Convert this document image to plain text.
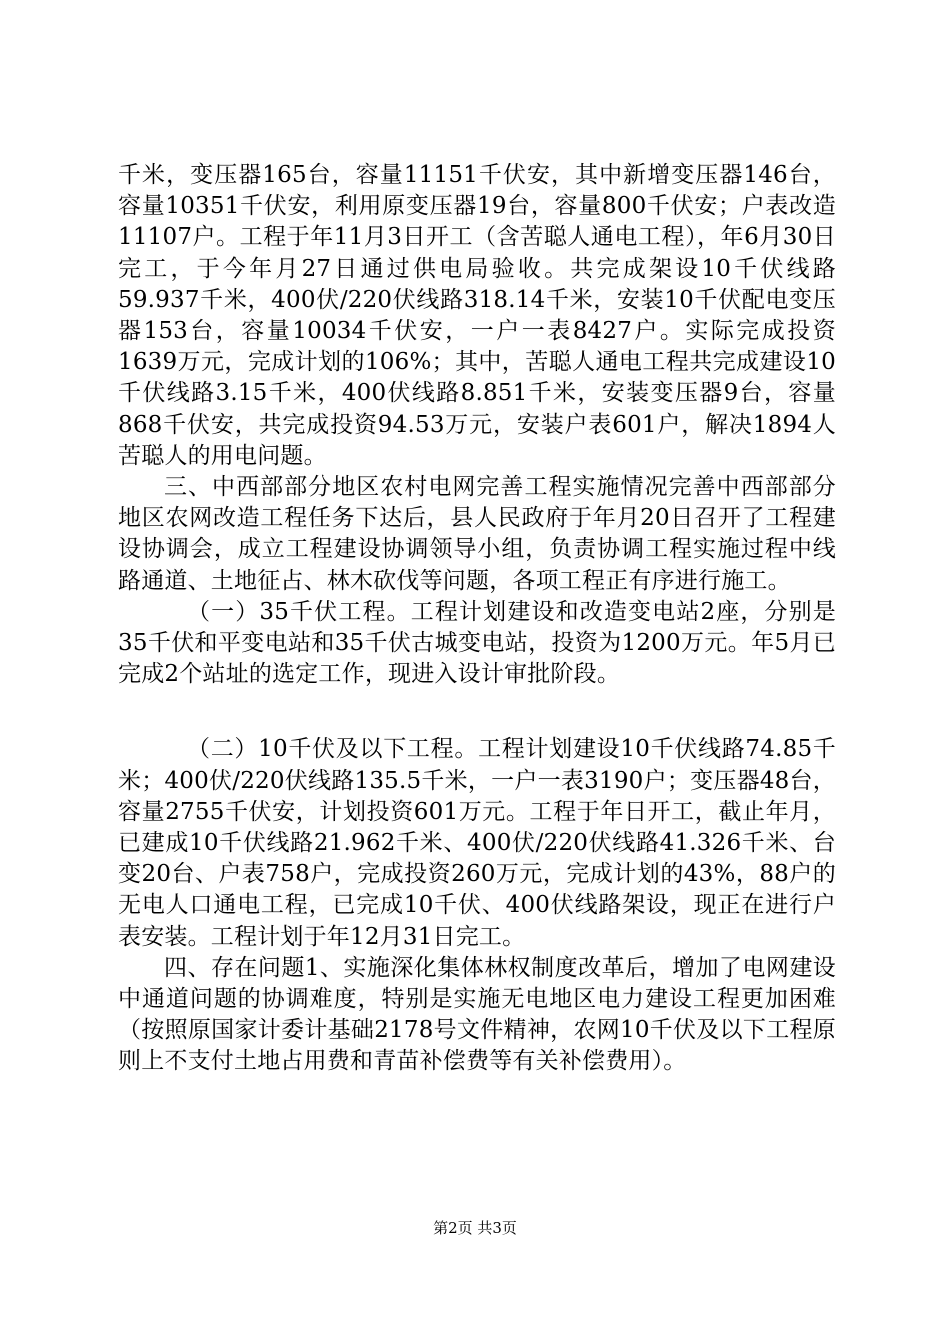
千米，变压器165台，容量11151千伏安，其中新增变压器146台，容量10351千伏安，利用原变压器19台，容量800千伏安；户表改造11107户。工程于年11月3日开工（含苦聪人通电工程），年6月30日完工，于今年月27日通过供电局验收。共完成架设10千伏线路59.937千米，400伏/220伏线路318.14千米，安装10千伏配电变压器153台，容量10034千伏安，一户一表8427户。实际完成投资1639万元，完成计划的106%；其中，苦聪人通电工程共完成建设10千伏线路3.15千米，400伏线路8.851千米，安装变压器9台，容量868千伏安，共完成投资94.53万元，安装户表601户，解决1894人苦聪人的用电问题。

三、中西部部分地区农村电网完善工程实施情况完善中西部部分地区农网改造工程任务下达后，县人民政府于年月20日召开了工程建设协调会，成立工程建设协调领导小组，负责协调工程实施过程中线路通道、土地征占、林木砍伐等问题，各项工程正有序进行施工。

（一）35千伏工程。工程计划建设和改造变电站2座，分别是35千伏和平变电站和35千伏古城变电站，投资为1200万元。年5月已完成2个站址的选定工作，现进入设计审批阶段。

（二）10千伏及以下工程。工程计划建设10千伏线路74.85千米；400伏/220伏线路135.5千米，一户一表3190户；变压器48台，容量2755千伏安，计划投资601万元。工程于年日开工，截止年月，已建成10千伏线路21.962千米、400伏/220伏线路41.326千米、台变20台、户表758户，完成投资260万元，完成计划的43%，88户的无电人口通电工程，已完成10千伏、400伏线路架设，现正在进行户表安装。工程计划于年12月31日完工。

四、存在问题1、实施深化集体林权制度改革后，增加了电网建设中通道问题的协调难度，特别是实施无电地区电力建设工程更加困难（按照原国家计委计基础2178号文件精神，农网10千伏及以下工程原则上不支付土地占用费和青苗补偿费等有关补偿费用）。

第2页 共3页
